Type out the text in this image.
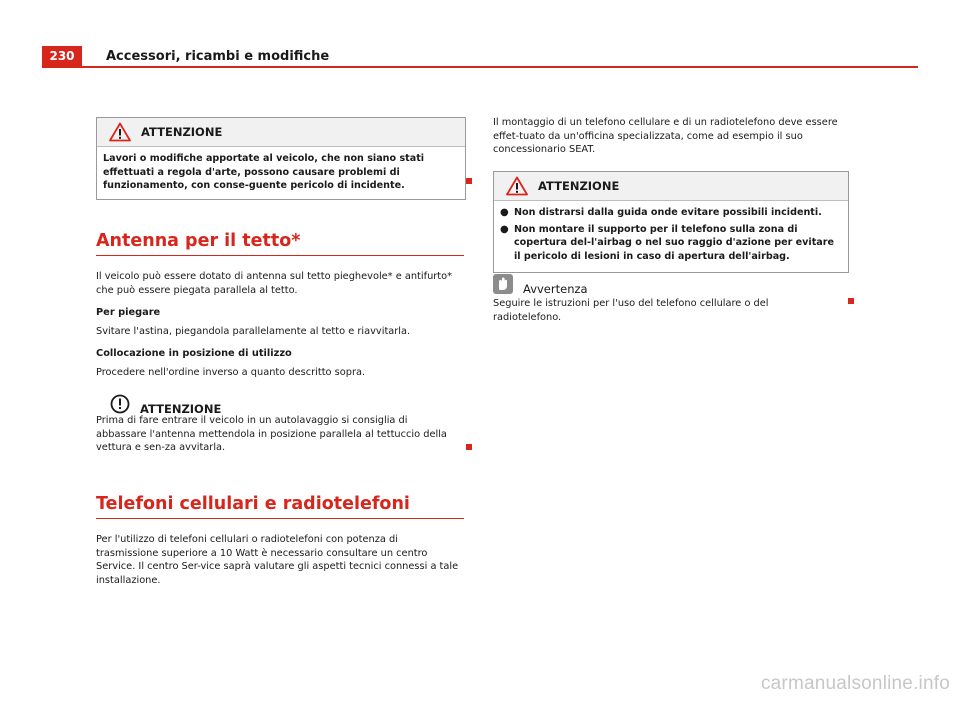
230	Accessori, ricambi e modifiche
ATTENZIONE
Lavori o modifiche apportate al veicolo, che non siano stati effettuati a regola d'arte, possono causare problemi di funzionamento, con conse-guente pericolo di incidente.
Antenna per il tetto*
Il veicolo può essere dotato di antenna sul tetto pieghevole* e antifurto* che può essere piegata parallela al tetto.
Per piegare
Svitare l'astina, piegandola parallelamente al tetto e riavvitarla.
Collocazione in posizione di utilizzo
Procedere nell'ordine inverso a quanto descritto sopra.
ATTENZIONE
Prima di fare entrare il veicolo in un autolavaggio si consiglia di abbassare l'antenna mettendola in posizione parallela al tettuccio della vettura e sen-za avvitarla.
Telefoni cellulari e radiotelefoni
Per l'utilizzo di telefoni cellulari o radiotelefoni con potenza di trasmissione superiore a 10 Watt è necessario consultare un centro Service. Il centro Ser-vice saprà valutare gli aspetti tecnici connessi a tale installazione.
Il montaggio di un telefono cellulare e di un radiotelefono deve essere effet-tuato da un'officina specializzata, come ad esempio il suo concessionario SEAT.
ATTENZIONE
● Non distrarsi dalla guida onde evitare possibili incidenti.
● Non montare il supporto per il telefono sulla zona di copertura del-l'airbag o nel suo raggio d'azione per evitare il pericolo di lesioni in caso di apertura dell'airbag.
Avvertenza
Seguire le istruzioni per l'uso del telefono cellulare o del radiotelefono.
carmanualsonline.info
